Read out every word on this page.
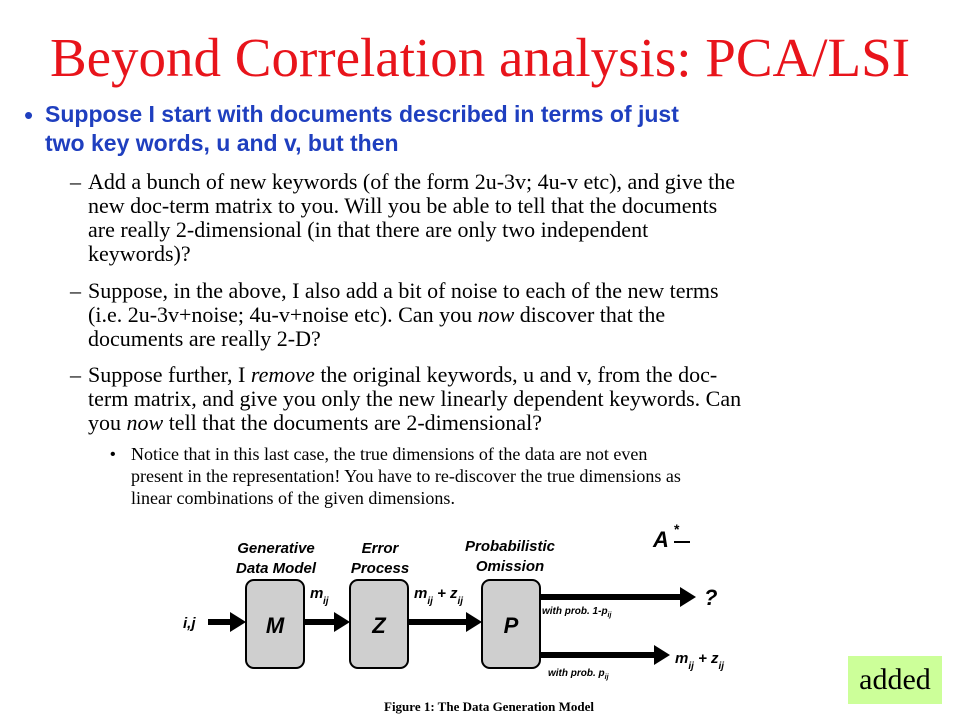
Beyond Correlation analysis: PCA/LSI
• Suppose I start with documents described in terms of just
two key words, u and v, but then
– Add a bunch of new keywords (of the form 2u-3v; 4u-v etc), and give the
new doc-term matrix to you. Will you be able to tell that the documents
are really 2-dimensional (in that there are only two independent
keywords)?
– Suppose, in the above, I also add a bit of noise to each of the new terms
(i.e. 2u-3v+noise; 4u-v+noise etc). Can you now discover that the
documents are really 2-D?
– Suppose further, I remove the original keywords, u and v, from the doc-
term matrix, and give you only the new linearly dependent keywords. Can
you now tell that the documents are 2-dimensional?
• Notice that in this last case, the true dimensions of the data are not even
present in the representation! You have to re-discover the true dimensions as
linear combinations of the given dimensions.
Generative
Data Model
Error
Process
Probabilistic
Omission
A *
i,j	M
m ij
Z
$m_{ij} + z_{ij}$
P
?
with prob. $1-p_{ij}$
$m_{ij} + z_{ij}$
with prob. $p_{ij}$
Figure 1: The Data Generation Model
added
